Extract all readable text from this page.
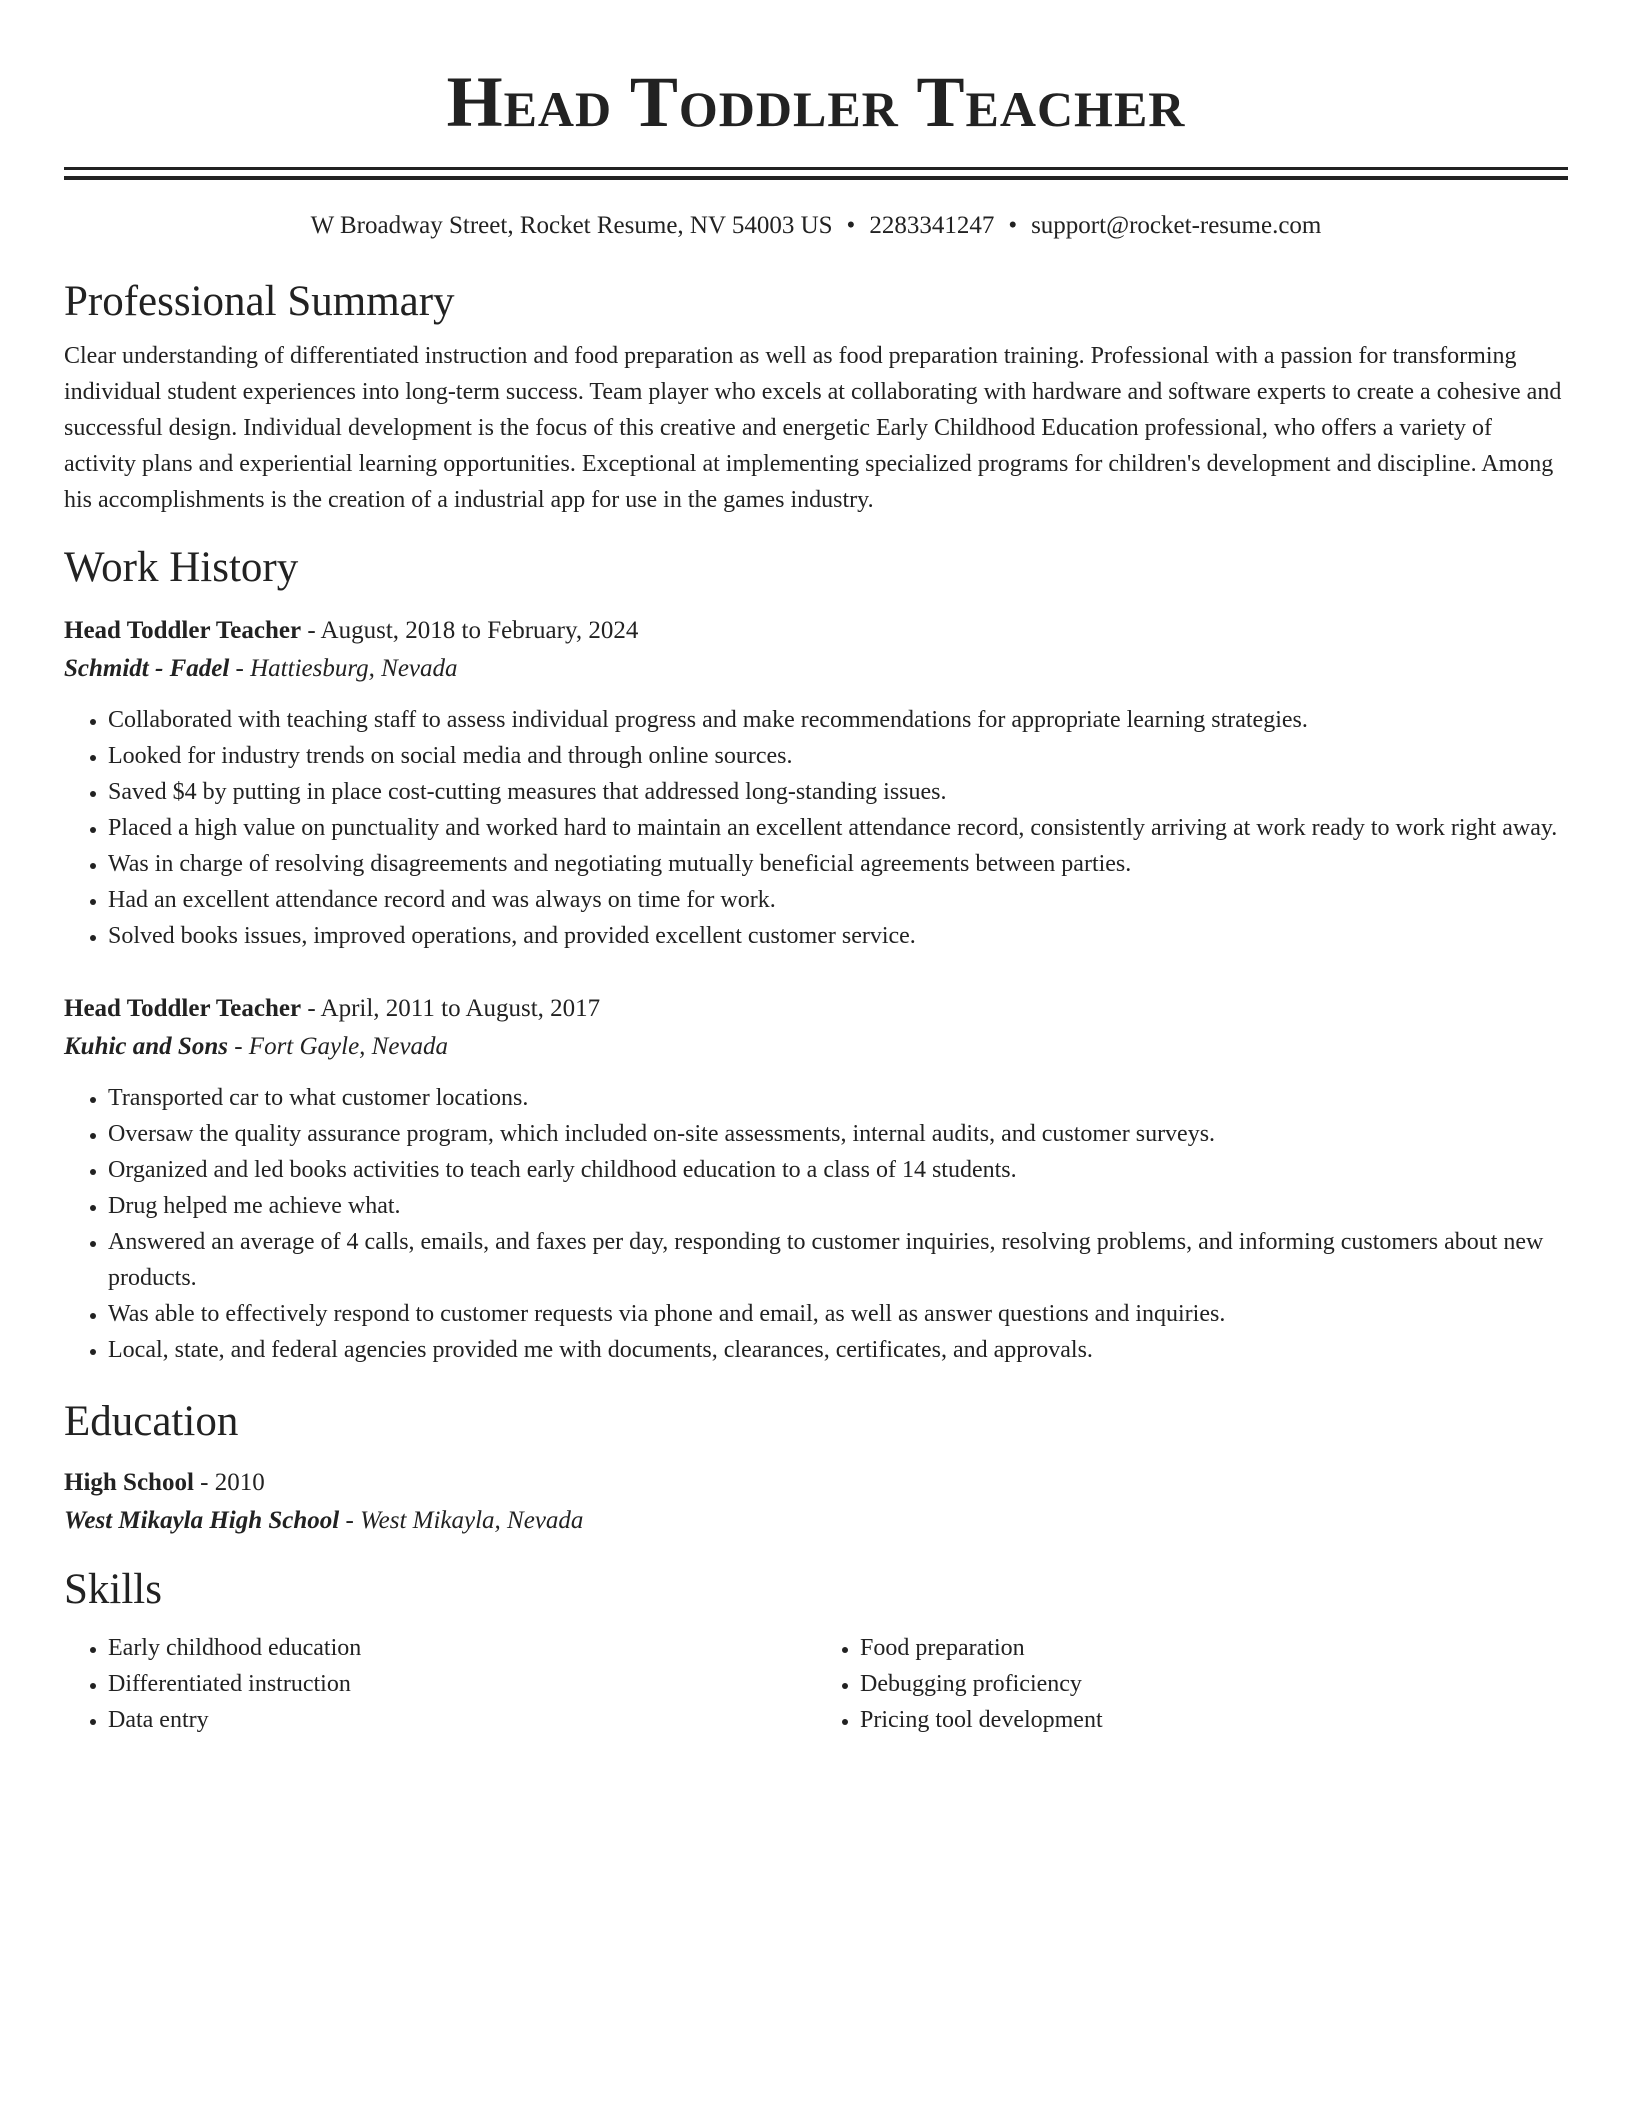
Head Toddler Teacher
W Broadway Street, Rocket Resume, NV 54003 US • 2283341247 • support@rocket-resume.com
Professional Summary

Clear understanding of differentiated instruction and food preparation as well as food preparation training. Professional with a passion for transforming individual student experiences into long-term success. Team player who excels at collaborating with hardware and software experts to create a cohesive and successful design. Individual development is the focus of this creative and energetic Early Childhood Education professional, who offers a variety of activity plans and experiential learning opportunities. Exceptional at implementing specialized programs for children's development and discipline. Among his accomplishments is the creation of a industrial app for use in the games industry.

Work History
Head Toddler Teacher - August, 2018 to February, 2024
Schmidt - Fadel - Hattiesburg, Nevada
• Collaborated with teaching staff to assess individual progress and make recommendations for appropriate learning strategies.
• Looked for industry trends on social media and through online sources.
• Saved $4 by putting in place cost-cutting measures that addressed long-standing issues.
• Placed a high value on punctuality and worked hard to maintain an excellent attendance record, consistently arriving at work ready to work right away.
• Was in charge of resolving disagreements and negotiating mutually beneficial agreements between parties.
• Had an excellent attendance record and was always on time for work.
• Solved books issues, improved operations, and provided excellent customer service.
Head Toddler Teacher - April, 2011 to August, 2017
Kuhic and Sons - Fort Gayle, Nevada
• Transported car to what customer locations.
• Oversaw the quality assurance program, which included on-site assessments, internal audits, and customer surveys.
• Organized and led books activities to teach early childhood education to a class of 14 students.
• Drug helped me achieve what.
• Answered an average of 4 calls, emails, and faxes per day, responding to customer inquiries, resolving problems, and informing customers about new products.
• Was able to effectively respond to customer requests via phone and email, as well as answer questions and inquiries.
• Local, state, and federal agencies provided me with documents, clearances, certificates, and approvals.
Education
High School - 2010
West Mikayla High School - West Mikayla, Nevada
Skills
• Early childhood education
• Differentiated instruction
• Data entry
• Food preparation
• Debugging proficiency
• Pricing tool development
